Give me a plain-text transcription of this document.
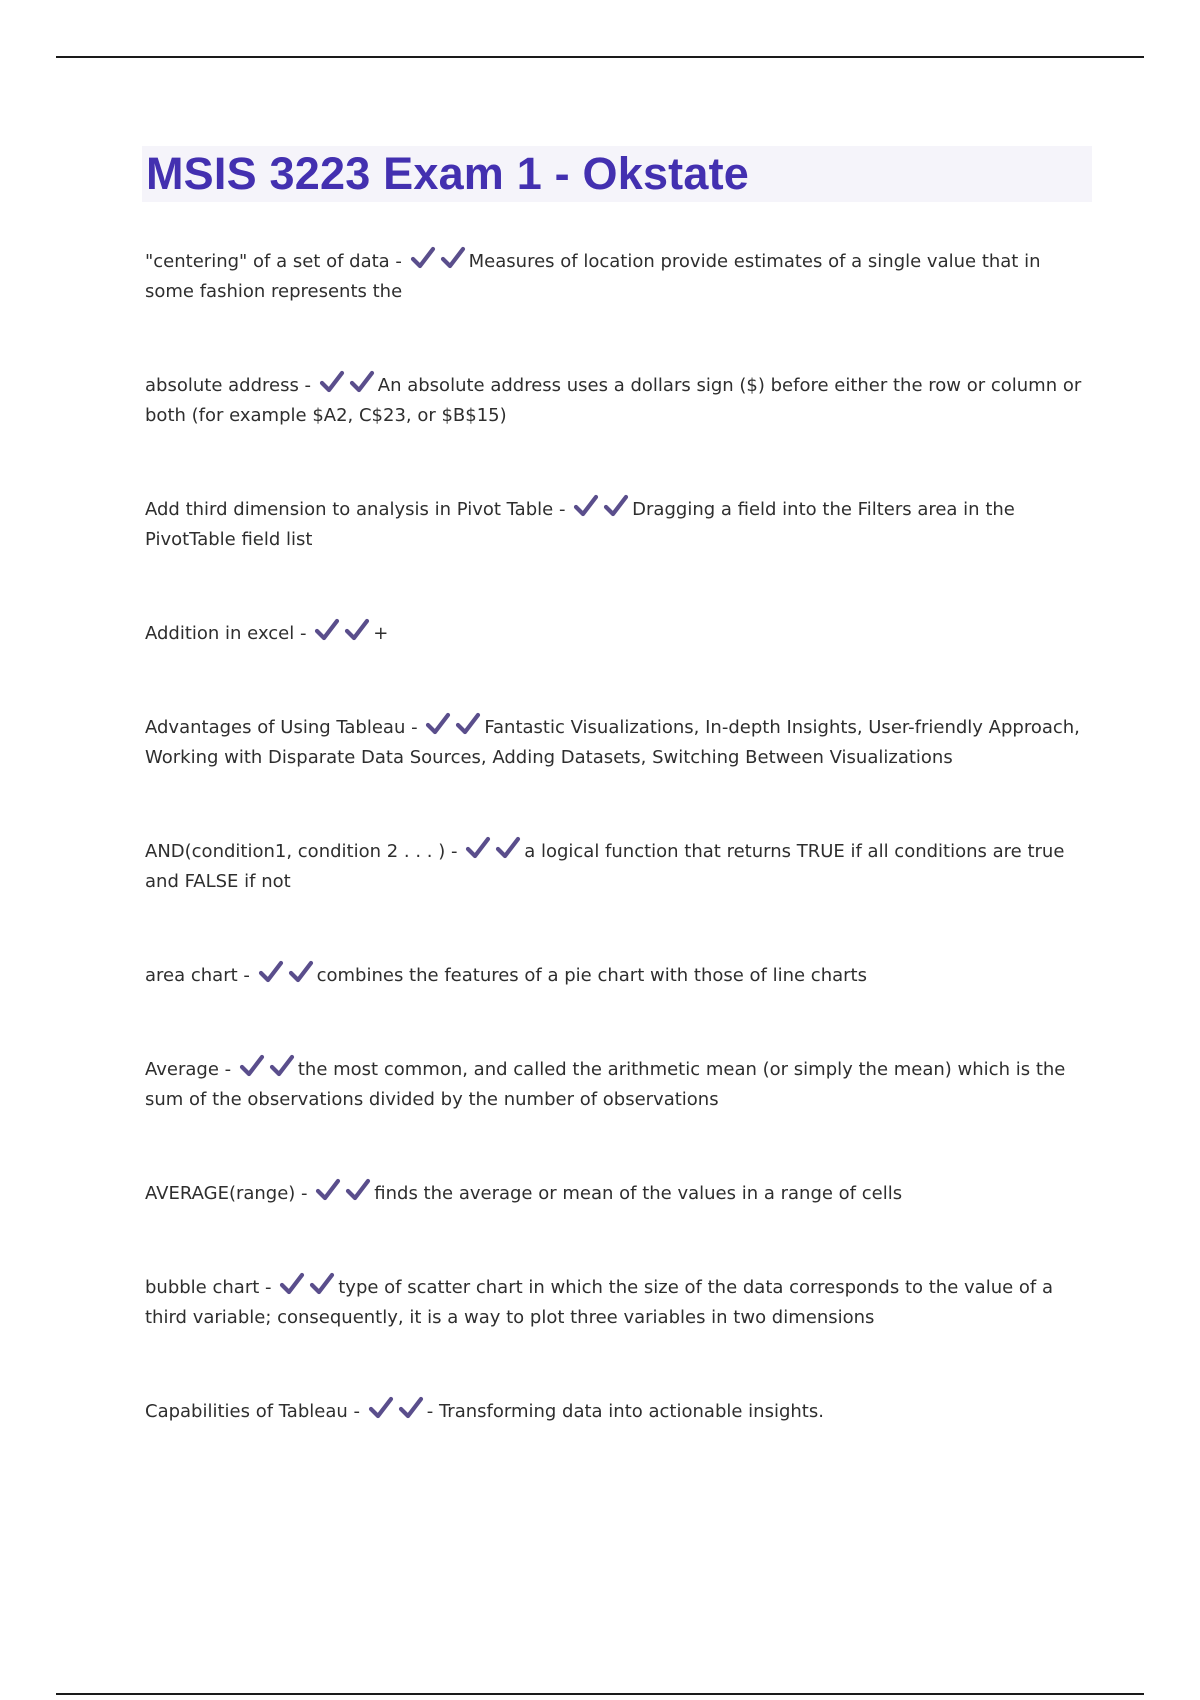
MSIS 3223 Exam 1 - Okstate

"centering" of a set of data -	Measures of location provide estimates of a single value that in some fashion represents the

absolute address -	An absolute address uses a dollars sign ($) before either the row or column or both (for example $A2, C$23, or $B$15)

Add third dimension to analysis in Pivot Table -	Dragging a field into the Filters area in the PivotTable field list

Addition in excel -	+

Advantages of Using Tableau -	Fantastic Visualizations, In-depth Insights, User-friendly Approach, Working with Disparate Data Sources, Adding Datasets, Switching Between Visualizations

AND(condition1, condition 2 . . . ) -	a logical function that returns TRUE if all conditions are true and FALSE if not

area chart -	combines the features of a pie chart with those of line charts

Average -	the most common, and called the arithmetic mean (or simply the mean) which is the sum of the observations divided by the number of observations

AVERAGE(range) -	finds the average or mean of the values in a range of cells

bubble chart -	type of scatter chart in which the size of the data corresponds to the value of a third variable; consequently, it is a way to plot three variables in two dimensions

Capabilities of Tableau -	- Transforming data into actionable insights.
